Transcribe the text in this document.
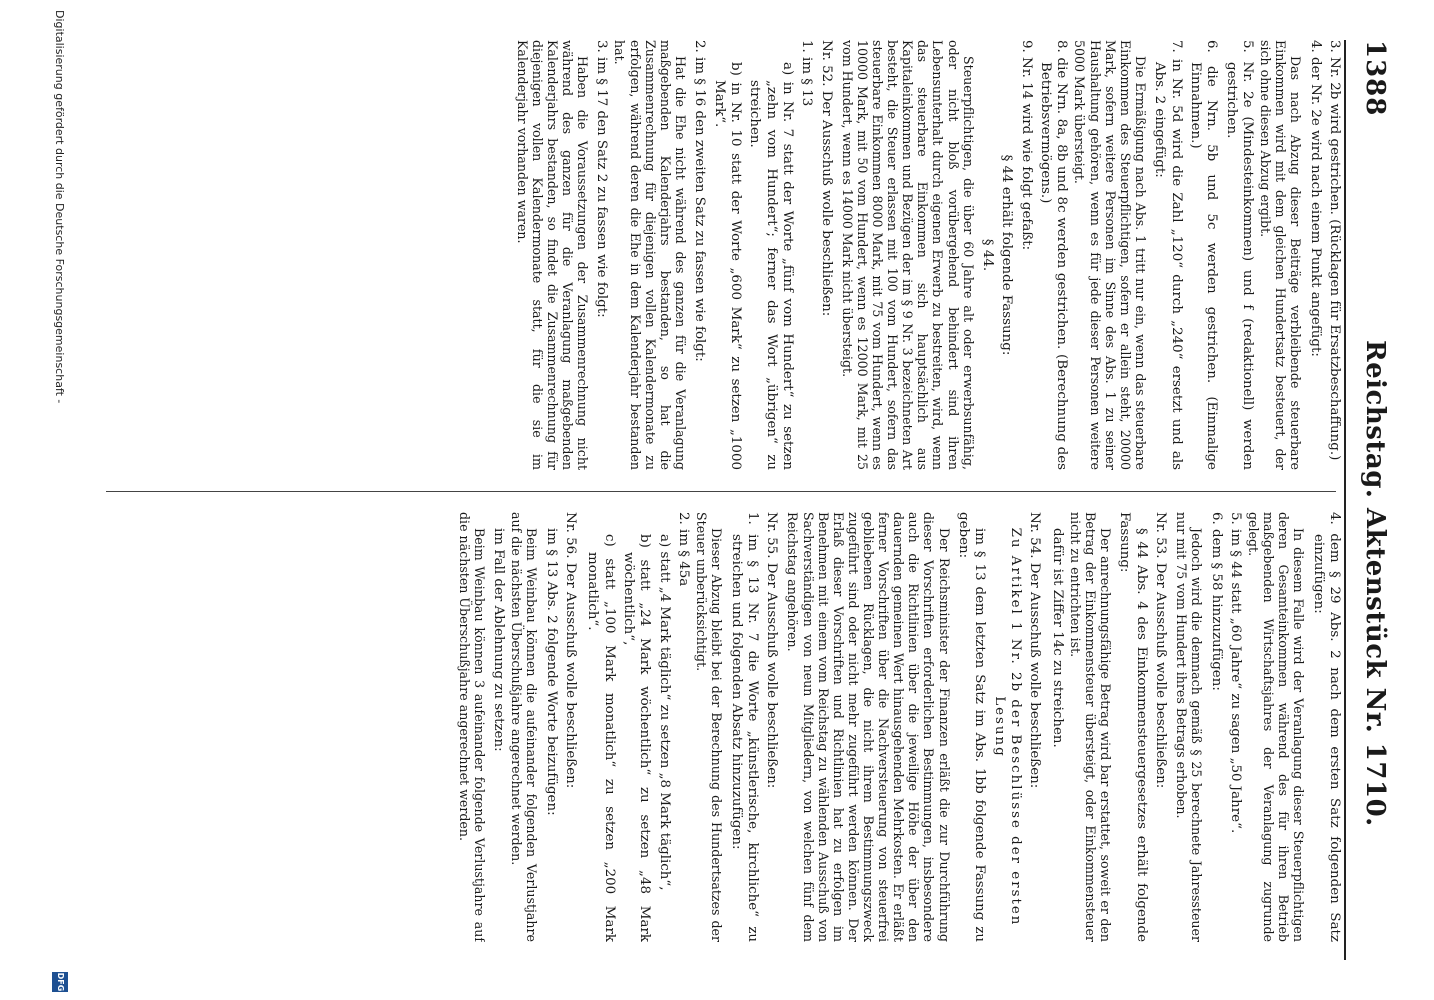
1388
Reichstag. Aktenstück Nr. 1710.

3. Nr. 2b wird gestrichen. (Rücklagen für Ersatzbeschaffung.)

4. der Nr. 2e wird nach einem Punkt angefügt:

Das nach Abzug dieser Beiträge verbleibende steuerbare Einkommen wird mit dem gleichen Hundertsatz besteuert, der sich ohne diesen Abzug ergibt.

5. Nr. 2e (Mindesteinkommen) und f (redaktionell) werden gestrichen.

6. die Nrn. 5b und 5c werden gestrichen. (Einmalige Einnahmen.)

7. in Nr. 5d wird die Zahl „120“ durch „240“ ersetzt und als Abs. 2 eingefügt:

Die Ermäßigung nach Abs. 1 tritt nur ein, wenn das steuerbare Einkommen des Steuerpflichtigen, sofern er allein steht, 20000 Mark, sofern weitere Personen im Sinne des Abs. 1 zu seiner Haushaltung gehören, wenn es für jede dieser Personen weitere 5000 Mark übersteigt.

8. die Nrn. 8a, 8b und 8c werden gestrichen. (Berechnung des Betriebsvermögens.)

9. Nr. 14 wird wie folgt gefaßt:

§ 44 erhält folgende Fassung:

§ 44.

Steuerpflichtigen, die über 60 Jahre alt oder erwerbsunfähig, oder nicht bloß vorübergehend behindert sind ihren Lebensunterhalt durch eigenen Erwerb zu bestreiten, wird, wenn das steuerbare Einkommen sich hauptsächlich aus Kapitaleinkommen und Bezügen der im § 9 Nr. 3 bezeichneten Art besteht, die Steuer erlassen mit 100 vom Hundert, sofern das steuerbare Einkommen 8000 Mark, mit 75 vom Hundert, wenn es 10000 Mark, mit 50 vom Hundert, wenn es 12000 Mark, mit 25 vom Hundert, wenn es 14000 Mark nicht übersteigt.

Nr. 52. Der Ausschuß wolle beschließen:

1. im § 13

a) in Nr. 7 statt der Worte „fünf vom Hundert“ zu setzen „zehn vom Hundert“; ferner das Wort „übrigen“ zu streichen.

b) in Nr. 10 statt der Worte „600 Mark“ zu setzen „1000 Mark“.

2. im § 16 den zweiten Satz zu fassen wie folgt:

Hat die Ehe nicht während des ganzen für die Veranlagung maßgebenden Kalenderjahrs bestanden, so hat die Zusammenrechnung für diejenigen vollen Kalendermonate zu erfolgen, während deren die Ehe in dem Kalenderjahr bestanden hat.

3. im § 17 den Satz 2 zu fassen wie folgt:

Haben die Voraussetzungen der Zusammenrechnung nicht während des ganzen für die Veranlagung maßgebenden Kalenderjahrs bestanden, so findet die Zusammenrechnung für diejenigen vollen Kalendermonate statt, für die sie im Kalenderjahr vorhanden waren.

4. dem § 29 Abs. 2 nach dem ersten Satz folgenden Satz einzufügen:

In diesem Falle wird der Veranlagung dieser Steuerpflichtigen deren Gesamteinkommen während des für ihren Betrieb maßgebenden Wirtschaftsjahres der Veranlagung zugrunde gelegt.

5. im § 44 statt „60 Jahre“ zu sagen „50 Jahre“.

6. dem § 58 hinzuzufügen:

Jedoch wird die demnach gemäß § 25 berechnete Jahressteuer nur mit 75 vom Hundert ihres Betrags erhoben.

Nr. 53. Der Ausschuß wolle beschließen:

§ 44 Abs. 4 des Einkommensteuergesetzes erhält folgende Fassung:

Der anrechnungsfähige Betrag wird bar erstattet, soweit er den Betrag der Einkommensteuer übersteigt, oder Einkommensteuer nicht zu entrichten ist.

dafür ist Ziffer 14c zu streichen.

Nr. 54. Der Ausschuß wolle beschließen:

Zu Artikel 1 Nr. 2b der Beschlüsse der ersten Lesung

im § 13 dem letzten Satz im Abs. 1bb folgende Fassung zu geben:

Der Reichsminister der Finanzen erläßt die zur Durchführung dieser Vorschriften erforderlichen Bestimmungen, insbesondere auch die Richtlinien über die jeweilige Höhe der über den dauernden gemeinen Wert hinausgehenden Mehrkosten. Er erläßt ferner Vorschriften über die Nachversteuerung von steuerfrei gebliebenen Rücklagen, die nicht ihrem Bestimmungszweck zugeführt sind oder nicht mehr zugeführt werden können. Der Erlaß dieser Vorschriften und Richtlinien hat zu erfolgen im Benehmen mit einem vom Reichstag zu wählenden Ausschuß von Sachverständigen von neun Mitgliedern, von welchen fünf dem Reichstag angehören.

Nr. 55. Der Ausschuß wolle beschließen:

1. im § 13 Nr. 7 die Worte „künstlerische, kirchliche“ zu streichen und folgenden Absatz hinzuzufügen:

Dieser Abzug bleibt bei der Berechnung des Hundertsatzes der Steuer unberücksichtigt.

2. im § 45a

a) statt „4 Mark täglich“ zu setzen „8 Mark täglich“,

b) statt „24 Mark wöchentlich“ zu setzen „48 Mark wöchentlich“,

c) statt „100 Mark monatlich“ zu setzen „200 Mark monatlich“.

Nr. 56. Der Ausschuß wolle beschließen:

im § 13 Abs. 2 folgende Worte beizufügen:

Beim Weinbau können die aufeinander folgenden Verlustjahre auf die nächsten Überschußjahre angerechnet werden.

im Fall der Ablehnung zu setzen:

Beim Weinbau können 3 aufeinander folgende Verlustjahre auf die nächsten Überschußjahre angerechnet werden.

Digitalisierung gefördert durch die Deutsche Forschungsgemeinschaft -
DFG
